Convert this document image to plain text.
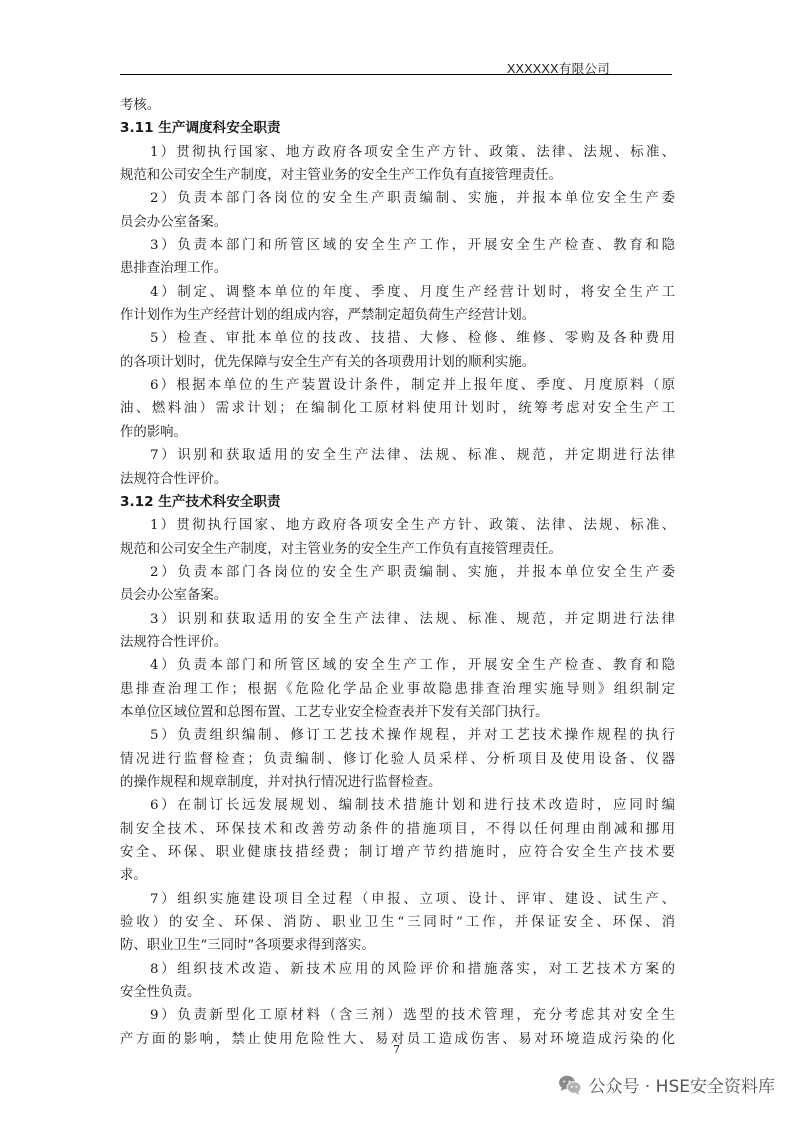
XXXXXX有限公司
考核。
3.11 生产调度科安全职责
1）贯彻执行国家、地方政府各项安全生产方针、政策、法律、法规、标准、
规范和公司安全生产制度，对主管业务的安全生产工作负有直接管理责任。
2）负责本部门各岗位的安全生产职责编制、实施，并报本单位安全生产委
员会办公室备案。
3）负责本部门和所管区域的安全生产工作，开展安全生产检查、教育和隐
患排查治理工作。
4）制定、调整本单位的年度、季度、月度生产经营计划时，将安全生产工
作计划作为生产经营计划的组成内容，严禁制定超负荷生产经营计划。
5）检查、审批本单位的技改、技措、大修、检修、维修、零购及各种费用
的各项计划时，优先保障与安全生产有关的各项费用计划的顺利实施。
6）根据本单位的生产装置设计条件，制定并上报年度、季度、月度原料（原
油、燃料油）需求计划；在编制化工原材料使用计划时，统筹考虑对安全生产工
作的影响。
7）识别和获取适用的安全生产法律、法规、标准、规范，并定期进行法律
法规符合性评价。
3.12 生产技术科安全职责
1）贯彻执行国家、地方政府各项安全生产方针、政策、法律、法规、标准、
规范和公司安全生产制度，对主管业务的安全生产工作负有直接管理责任。
2）负责本部门各岗位的安全生产职责编制、实施，并报本单位安全生产委
员会办公室备案。
3）识别和获取适用的安全生产法律、法规、标准、规范，并定期进行法律
法规符合性评价。
4）负责本部门和所管区域的安全生产工作，开展安全生产检查、教育和隐
患排查治理工作；根据《危险化学品企业事故隐患排查治理实施导则》组织制定
本单位区域位置和总图布置、工艺专业安全检查表并下发有关部门执行。
5）负责组织编制、修订工艺技术操作规程，并对工艺技术操作规程的执行
情况进行监督检查；负责编制、修订化验人员采样、分析项目及使用设备、仪器
的操作规程和规章制度，并对执行情况进行监督检查。
6）在制订长远发展规划、编制技术措施计划和进行技术改造时，应同时编
制安全技术、环保技术和改善劳动条件的措施项目，不得以任何理由削减和挪用
安全、环保、职业健康技措经费；制订增产节约措施时，应符合安全生产技术要
求。
7）组织实施建设项目全过程（申报、立项、设计、评审、建设、试生产、
验收）的安全、环保、消防、职业卫生“三同时”工作，并保证安全、环保、消
防、职业卫生“三同时”各项要求得到落实。
8）组织技术改造、新技术应用的风险评价和措施落实，对工艺技术方案的
安全性负责。
9）负责新型化工原材料（含三剂）选型的技术管理，充分考虑其对安全生
产方面的影响，禁止使用危险性大、易对员工造成伤害、易对环境造成污染的化
7
公众号 · HSE安全资料库
